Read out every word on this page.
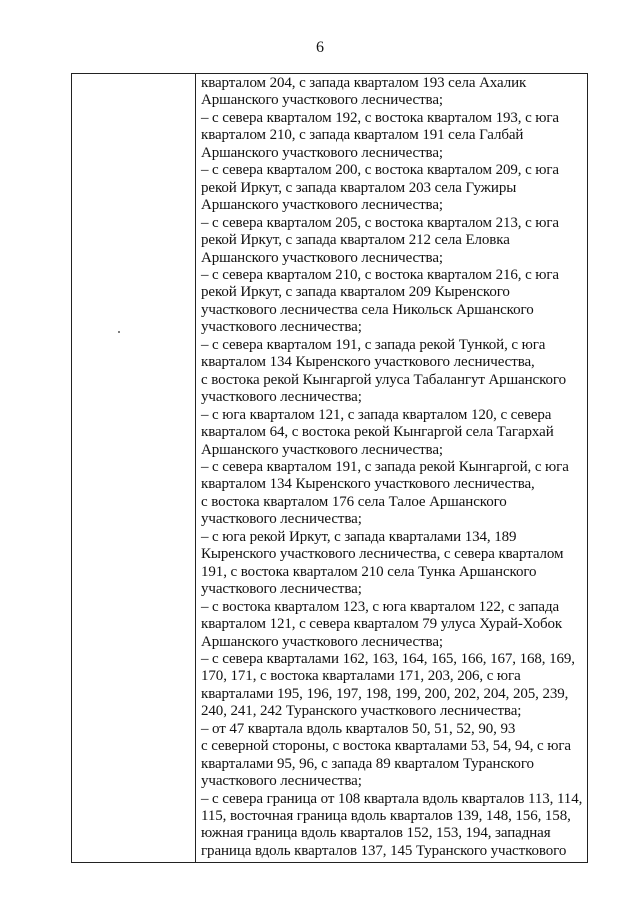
6
кварталом 204, с запада кварталом 193 села Ахалик
Аршанского участкового лесничества;
– с севера кварталом 192, с востока кварталом 193, с юга
кварталом 210, с запада кварталом 191 села Галбай
Аршанского участкового лесничества;
– с севера кварталом 200, с востока кварталом 209, с юга
рекой Иркут, с запада кварталом 203 села Гужиры
Аршанского участкового лесничества;
– с севера кварталом 205, с востока кварталом 213, с юга
рекой Иркут, с запада кварталом 212 села Еловка
Аршанского участкового лесничества;
– с севера кварталом 210, с востока кварталом 216, с юга
рекой Иркут, с запада кварталом 209 Кыренского
участкового лесничества села Никольск Аршанского
участкового лесничества;
– с севера кварталом 191, с запада рекой Тункой, с юга
кварталом 134 Кыренского участкового лесничества,
с востока рекой Кынгаргой улуса Табалангут Аршанского
участкового лесничества;
– с юга кварталом 121, с запада кварталом 120, с севера
кварталом 64, с востока рекой Кынгаргой села Тагархай
Аршанского участкового лесничества;
– с севера кварталом 191, с запада рекой Кынгаргой, с юга
кварталом 134 Кыренского участкового лесничества,
с востока кварталом 176 села Талое Аршанского
участкового лесничества;
– с юга рекой Иркут, с запада кварталами 134, 189
Кыренского участкового лесничества, с севера кварталом
191, с востока кварталом 210 села Тунка Аршанского
участкового лесничества;
– с востока кварталом 123, с юга кварталом 122, с запада
кварталом 121, с севера кварталом 79 улуса Хурай-Хобок
Аршанского участкового лесничества;
– с севера кварталами 162, 163, 164, 165, 166, 167, 168, 169,
170, 171, с востока кварталами 171, 203, 206, с юга
кварталами 195, 196, 197, 198, 199, 200, 202, 204, 205, 239,
240, 241, 242 Туранского участкового лесничества;
– от 47 квартала вдоль кварталов 50, 51, 52, 90, 93
с северной стороны, с востока кварталами 53, 54, 94, с юга
кварталами 95, 96, с запада 89 кварталом Туранского
участкового лесничества;
– с севера граница от 108 квартала вдоль кварталов 113, 114,
115, восточная граница вдоль кварталов 139, 148, 156, 158,
южная граница вдоль кварталов 152, 153, 194, западная
граница вдоль кварталов 137, 145 Туранского участкового
